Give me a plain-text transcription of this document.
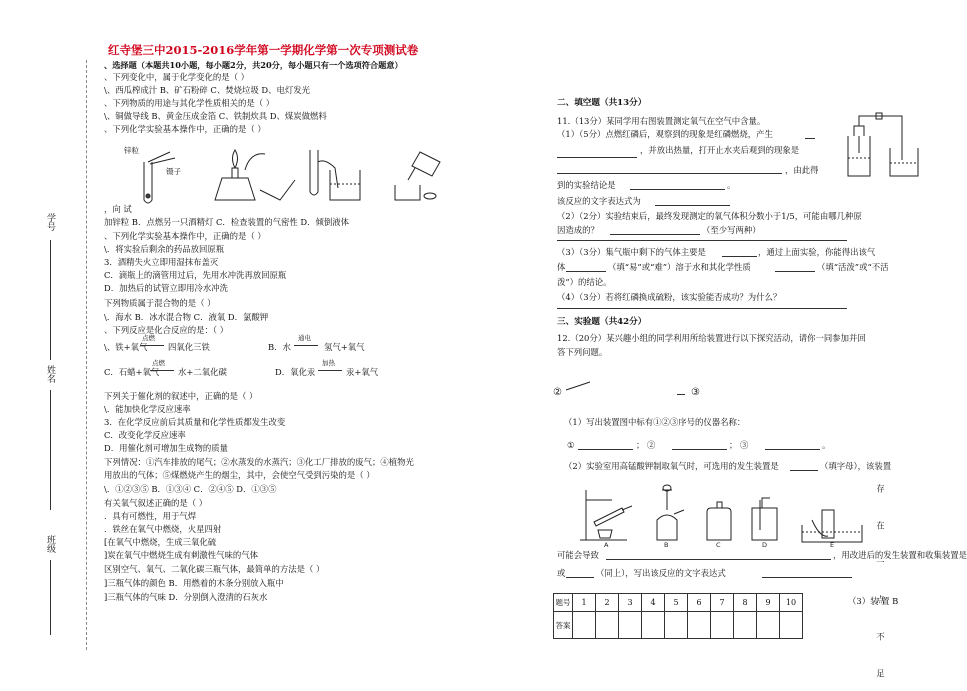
红寺堡三中2015-2016学年第一学期化学第一次专项测试卷
学号
姓名
班级
、选择题（本题共10小题，每小题2分，共20分，每小题只有一个选项符合题意）
、下列变化中，属于化学变化的是（ ）
\、西瓜榨成汁 B、矿石粉碎 C、焚烧垃圾 D、电灯发光
、下列物质的用途与其化学性质相关的是（ ）
\、铜做导线 B、黄金压成金箔 C、铁制炊具 D、煤炭做燃料
、下列化学实验基本操作中，正确的是（ ）
锌粒
镊子
，向 试
加锌粒 B．点燃另一只酒精灯 C．检查装置的气密性 D．倾倒液体
、下列化学实验基本操作中，正确的是（ ）
\．将实验后剩余的药品放回原瓶
3．酒精失火立即用湿抹布盖灭
C．滴瓶上的滴管用过后，先用水冲洗再放回原瓶
D．加热后的试管立即用冷水冲洗
下列物质属于混合物的是（ ）
\．海水 B．冰水混合物 C．液氧 D．氯酸钾
、下列反应是化合反应的是：（ ）
\、铁+氧气
点燃
四氧化三铁	B．水
通电
氢气+氧气
C．石蜡+氧气
点燃
水+二氧化碳	D．氧化汞
加热
汞+氧气
下列关于催化剂的叙述中，正确的是（ ）
\．能加快化学反应速率
3．在化学反应前后其质量和化学性质都发生改变
C．改变化学反应速率
D．用催化剂可增加生成物的质量
下列情况：①汽车排放的尾气；②水蒸发的水蒸汽；③化工厂排放的废气；④植物光
用放出的气体；⑤煤燃烧产生的烟尘，其中，会使空气受到污染的是（ ）
\．①②③⑤ B．①③④ C．②④⑤ D．①③⑤
有关氧气叙述正确的是（ ）
．具有可燃性，用于气焊
．铁丝在氧气中燃烧，火星四射
[在氧气中燃烧，生成三氧化硫
]炭在氧气中燃烧生成有刺激性气味的气体
区别空气、氧气、二氧化碳三瓶气体，最简单的方法是（ ）
]三瓶气体的颜色 B．用燃着的木条分别放入瓶中
]三瓶气体的气味 D．分别倒入澄清的石灰水
二、填空题（共13分）
11.（13分）某同学用右图装置测定氧气在空气中含量。
（1）（5分）点燃红磷后，观察到的现象是红磷燃烧，产生
，并放出热量，打开止水夹后观到的现象是
，由此得
到的实验结论是	。
该反应的文字表达式为
（2）（2分）实验结束后，最终发现测定的氧气体积分数小于1/5，可能由哪几种原
因造成的？	（至少写两种）
（3）（3分）集气瓶中剩下的气体主要是	，通过上面实验，你能得出该气
体	（填“易”或“难”）溶于水和其化学性质	（填“活泼”或“不活
泼”）的结论。
（4）（3分）若将红磷换成硫粉，该实验能否成功？为什么？
三、实验题（共42分）
12.（20分）某兴趣小组的同学利用所给装置进行以下探究活动，请你一同参加并回
答下列问题。
②	③
（1）写出装置图中标有①②③序号的仪器名称：
①	； ②	； ③	。
（2）实验室用高锰酸钾制取氧气时，可选用的发生装置是	（填字母），该装置
A	B	C	D	E	存 在 一 点 不 足
可能会导致	，用改进后的发生装置和收集装置是
或	（同上），写出该反应的文字表达式
题号	1	2	3	4	5	6	7	8	9	10
答案										
（3）装 置 B
